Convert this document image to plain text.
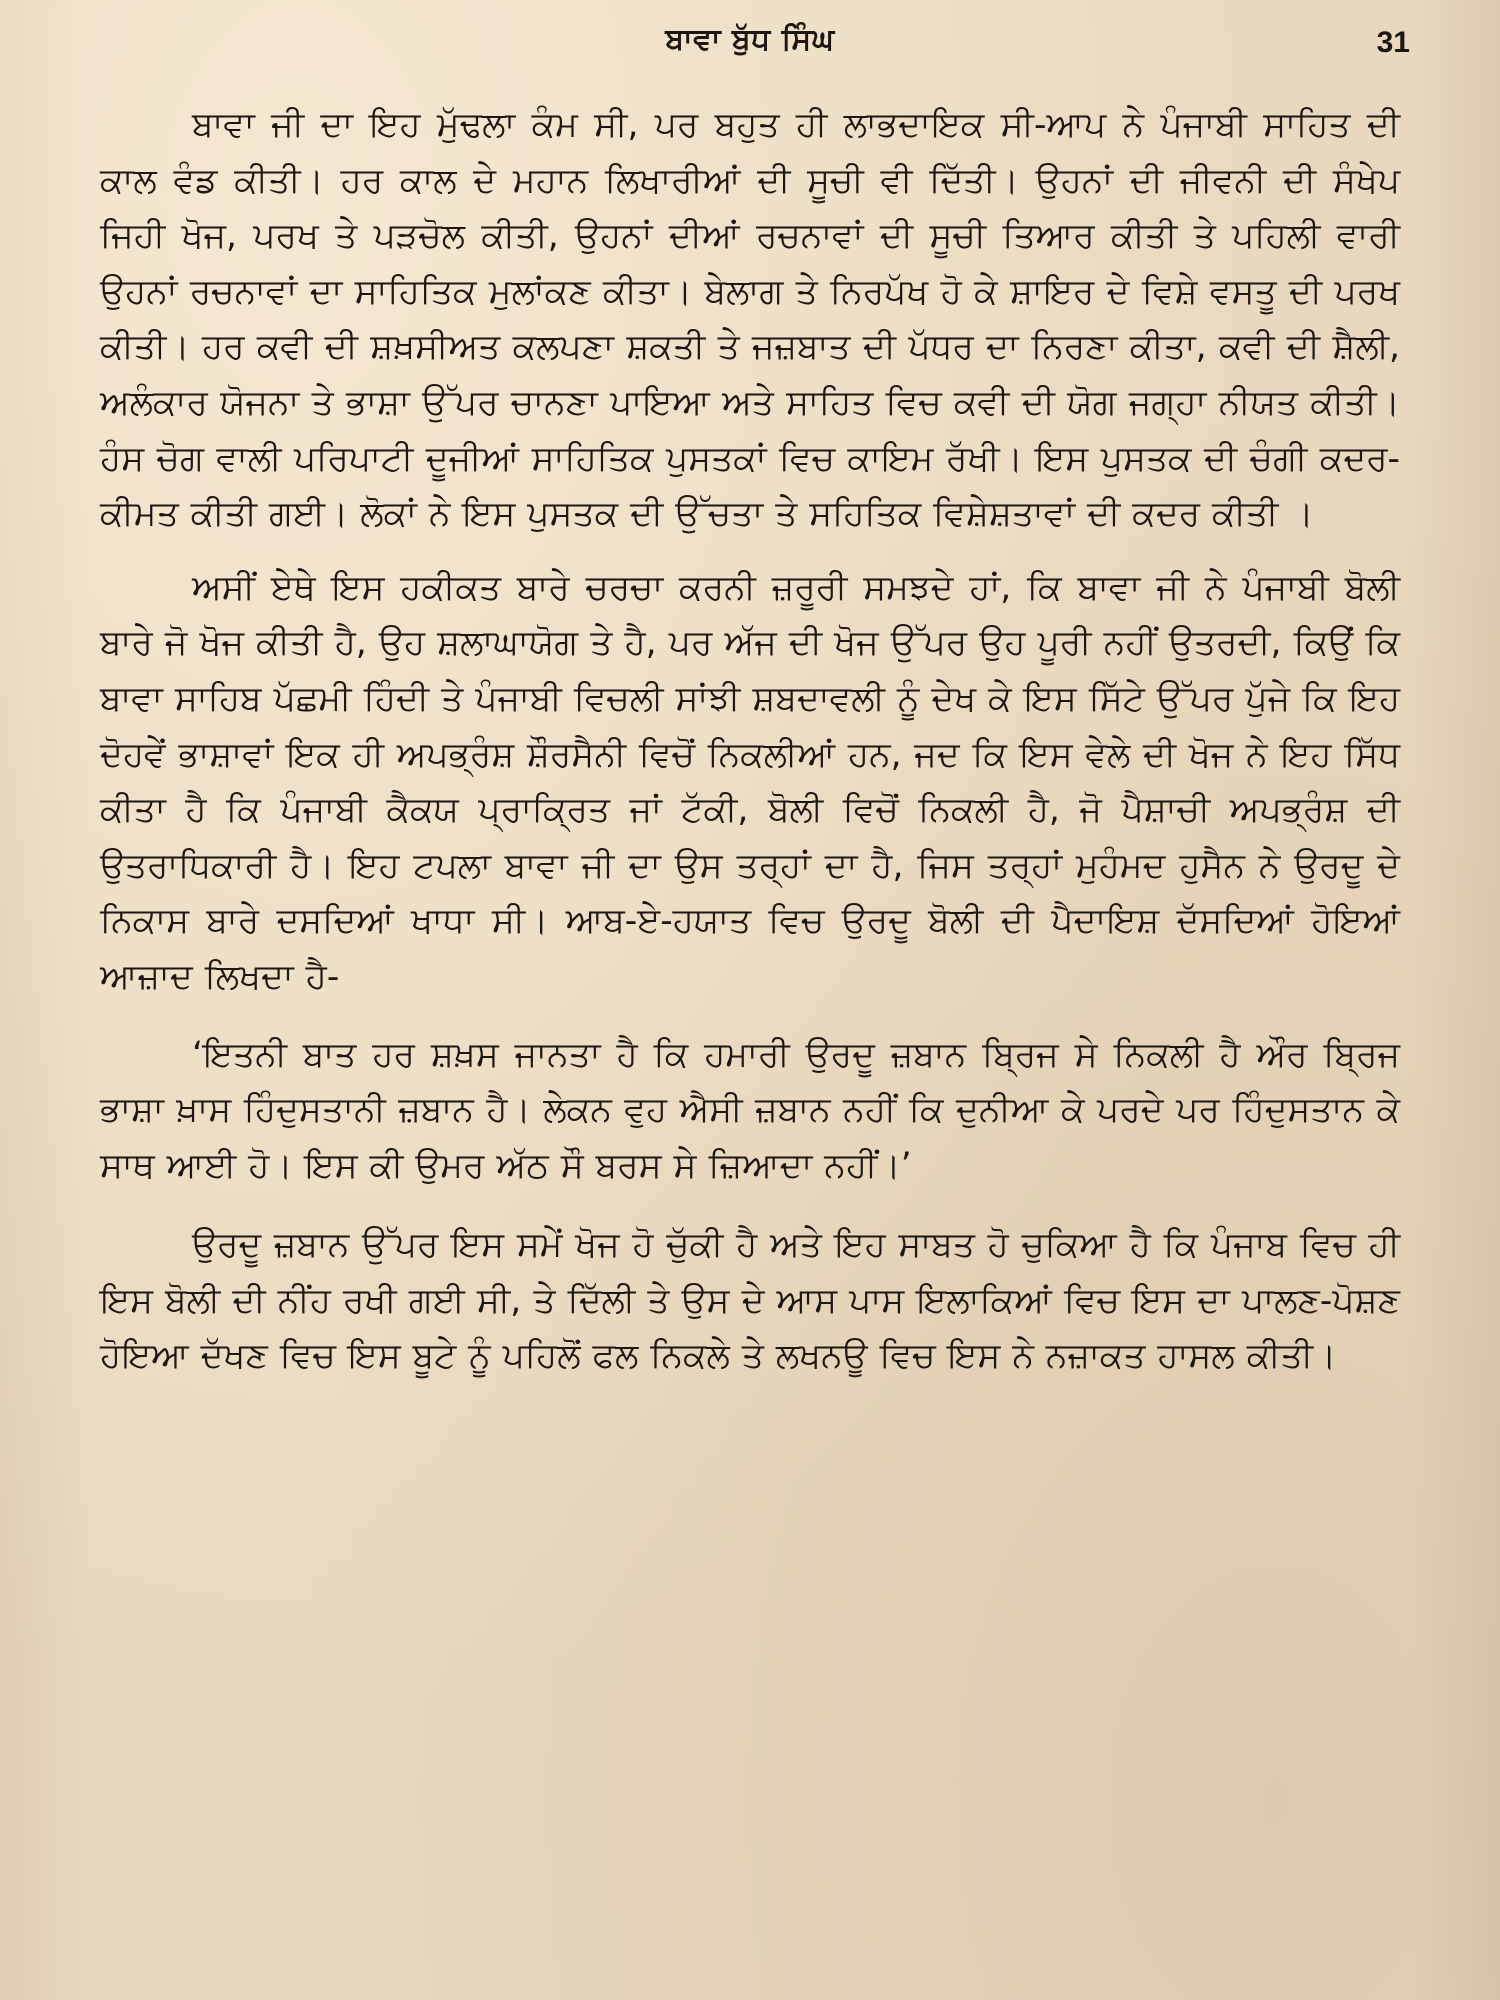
ਬਾਵਾ ਬੁੱਧ ਸਿੰਘ	31

ਬਾਵਾ ਜੀ ਦਾ ਇਹ ਮੁੱਢਲਾ ਕੰਮ ਸੀ, ਪਰ ਬਹੁਤ ਹੀ ਲਾਭਦਾਇਕ ਸੀ-ਆਪ ਨੇ ਪੰਜਾਬੀ ਸਾਹਿਤ ਦੀ ਕਾਲ ਵੰਡ ਕੀਤੀ। ਹਰ ਕਾਲ ਦੇ ਮਹਾਨ ਲਿਖਾਰੀਆਂ ਦੀ ਸੂਚੀ ਵੀ ਦਿੱਤੀ। ਉਹਨਾਂ ਦੀ ਜੀਵਨੀ ਦੀ ਸੰਖੇਪ ਜਿਹੀ ਖੋਜ, ਪਰਖ ਤੇ ਪੜਚੋਲ ਕੀਤੀ, ਉਹਨਾਂ ਦੀਆਂ ਰਚਨਾਵਾਂ ਦੀ ਸੂਚੀ ਤਿਆਰ ਕੀਤੀ ਤੇ ਪਹਿਲੀ ਵਾਰੀ ਉਹਨਾਂ ਰਚਨਾਵਾਂ ਦਾ ਸਾਹਿਤਿਕ ਮੁਲਾਂਕਣ ਕੀਤਾ। ਬੇਲਾਗ ਤੇ ਨਿਰਪੱਖ ਹੋ ਕੇ ਸ਼ਾਇਰ ਦੇ ਵਿਸ਼ੇ ਵਸਤੂ ਦੀ ਪਰਖ ਕੀਤੀ। ਹਰ ਕਵੀ ਦੀ ਸ਼ਖ਼ਸੀਅਤ ਕਲਪਣਾ ਸ਼ਕਤੀ ਤੇ ਜਜ਼ਬਾਤ ਦੀ ਪੱਧਰ ਦਾ ਨਿਰਣਾ ਕੀਤਾ, ਕਵੀ ਦੀ ਸ਼ੈਲੀ, ਅਲੰਕਾਰ ਯੋਜਨਾ ਤੇ ਭਾਸ਼ਾ ਉੱਪਰ ਚਾਨਣਾ ਪਾਇਆ ਅਤੇ ਸਾਹਿਤ ਵਿਚ ਕਵੀ ਦੀ ਯੋਗ ਜਗ੍ਹਾ ਨੀਯਤ ਕੀਤੀ। ਹੰਸ ਚੋਗ ਵਾਲੀ ਪਰਿਪਾਟੀ ਦੂਜੀਆਂ ਸਾਹਿਤਿਕ ਪੁਸਤਕਾਂ ਵਿਚ ਕਾਇਮ ਰੱਖੀ। ਇਸ ਪੁਸਤਕ ਦੀ ਚੰਗੀ ਕਦਰ-ਕੀਮਤ ਕੀਤੀ ਗਈ। ਲੋਕਾਂ ਨੇ ਇਸ ਪੁਸਤਕ ਦੀ ਉੱਚਤਾ ਤੇ ਸਹਿਤਿਕ ਵਿਸ਼ੇਸ਼ਤਾਵਾਂ ਦੀ ਕਦਰ ਕੀਤੀ ।

ਅਸੀਂ ਏਥੇ ਇਸ ਹਕੀਕਤ ਬਾਰੇ ਚਰਚਾ ਕਰਨੀ ਜ਼ਰੂਰੀ ਸਮਝਦੇ ਹਾਂ, ਕਿ ਬਾਵਾ ਜੀ ਨੇ ਪੰਜਾਬੀ ਬੋਲੀ ਬਾਰੇ ਜੋ ਖੋਜ ਕੀਤੀ ਹੈ, ਉਹ ਸ਼ਲਾਘਾਯੋਗ ਤੇ ਹੈ, ਪਰ ਅੱਜ ਦੀ ਖੋਜ ਉੱਪਰ ਉਹ ਪੂਰੀ ਨਹੀਂ ਉਤਰਦੀ, ਕਿਉਂ ਕਿ ਬਾਵਾ ਸਾਹਿਬ ਪੱਛਮੀ ਹਿੰਦੀ ਤੇ ਪੰਜਾਬੀ ਵਿਚਲੀ ਸਾਂਝੀ ਸ਼ਬਦਾਵਲੀ ਨੂੰ ਦੇਖ ਕੇ ਇਸ ਸਿੱਟੇ ਉੱਪਰ ਪੁੱਜੇ ਕਿ ਇਹ ਦੋਹਵੇਂ ਭਾਸ਼ਾਵਾਂ ਇਕ ਹੀ ਅਪਭ੍ਰੰਸ਼ ਸ਼ੌਰਸੈਨੀ ਵਿਚੋਂ ਨਿਕਲੀਆਂ ਹਨ, ਜਦ ਕਿ ਇਸ ਵੇਲੇ ਦੀ ਖੋਜ ਨੇ ਇਹ ਸਿੱਧ ਕੀਤਾ ਹੈ ਕਿ ਪੰਜਾਬੀ ਕੈਕਯ ਪ੍ਰਾਕ੍ਰਿਤ ਜਾਂ ਟੱਕੀ, ਬੋਲੀ ਵਿਚੋਂ ਨਿਕਲੀ ਹੈ, ਜੋ ਪੈਸ਼ਾਚੀ ਅਪਭ੍ਰੰਸ਼ ਦੀ ਉਤਰਾਧਿਕਾਰੀ ਹੈ। ਇਹ ਟਪਲਾ ਬਾਵਾ ਜੀ ਦਾ ਉਸ ਤਰ੍ਹਾਂ ਦਾ ਹੈ, ਜਿਸ ਤਰ੍ਹਾਂ ਮੁਹੰਮਦ ਹੁਸੈਨ ਨੇ ਉਰਦੂ ਦੇ ਨਿਕਾਸ ਬਾਰੇ ਦਸਦਿਆਂ ਖਾਧਾ ਸੀ। ਆਬ-ਏ-ਹਯਾਤ ਵਿਚ ਉਰਦੂ ਬੋਲੀ ਦੀ ਪੈਦਾਇਸ਼ ਦੱਸਦਿਆਂ ਹੋਇਆਂ ਆਜ਼ਾਦ ਲਿਖਦਾ ਹੈ-

‘ਇਤਨੀ ਬਾਤ ਹਰ ਸ਼ਖ਼ਸ ਜਾਨਤਾ ਹੈ ਕਿ ਹਮਾਰੀ ਉਰਦੂ ਜ਼ਬਾਨ ਬ੍ਰਿਜ ਸੇ ਨਿਕਲੀ ਹੈ ਔਰ ਬ੍ਰਿਜ ਭਾਸ਼ਾ ਖ਼ਾਸ ਹਿੰਦੁਸਤਾਨੀ ਜ਼ਬਾਨ ਹੈ। ਲੇਕਨ ਵੁਹ ਐਸੀ ਜ਼ਬਾਨ ਨਹੀਂ ਕਿ ਦੁਨੀਆ ਕੇ ਪਰਦੇ ਪਰ ਹਿੰਦੁਸਤਾਨ ਕੇ ਸਾਥ ਆਈ ਹੋ। ਇਸ ਕੀ ਉਮਰ ਅੱਠ ਸੌ ਬਰਸ ਸੇ ਜ਼ਿਆਦਾ ਨਹੀਂ।’

ਉਰਦੂ ਜ਼ਬਾਨ ਉੱਪਰ ਇਸ ਸਮੇਂ ਖੋਜ ਹੋ ਚੁੱਕੀ ਹੈ ਅਤੇ ਇਹ ਸਾਬਤ ਹੋ ਚੁਕਿਆ ਹੈ ਕਿ ਪੰਜਾਬ ਵਿਚ ਹੀ ਇਸ ਬੋਲੀ ਦੀ ਨੀਂਹ ਰਖੀ ਗਈ ਸੀ, ਤੇ ਦਿੱਲੀ ਤੇ ਉਸ ਦੇ ਆਸ ਪਾਸ ਇਲਾਕਿਆਂ ਵਿਚ ਇਸ ਦਾ ਪਾਲਣ-ਪੋਸ਼ਣ ਹੋਇਆ ਦੱਖਣ ਵਿਚ ਇਸ ਬੂਟੇ ਨੂੰ ਪਹਿਲੋਂ ਫਲ ਨਿਕਲੇ ਤੇ ਲਖਨਊ ਵਿਚ ਇਸ ਨੇ ਨਜ਼ਾਕਤ ਹਾਸਲ ਕੀਤੀ।
